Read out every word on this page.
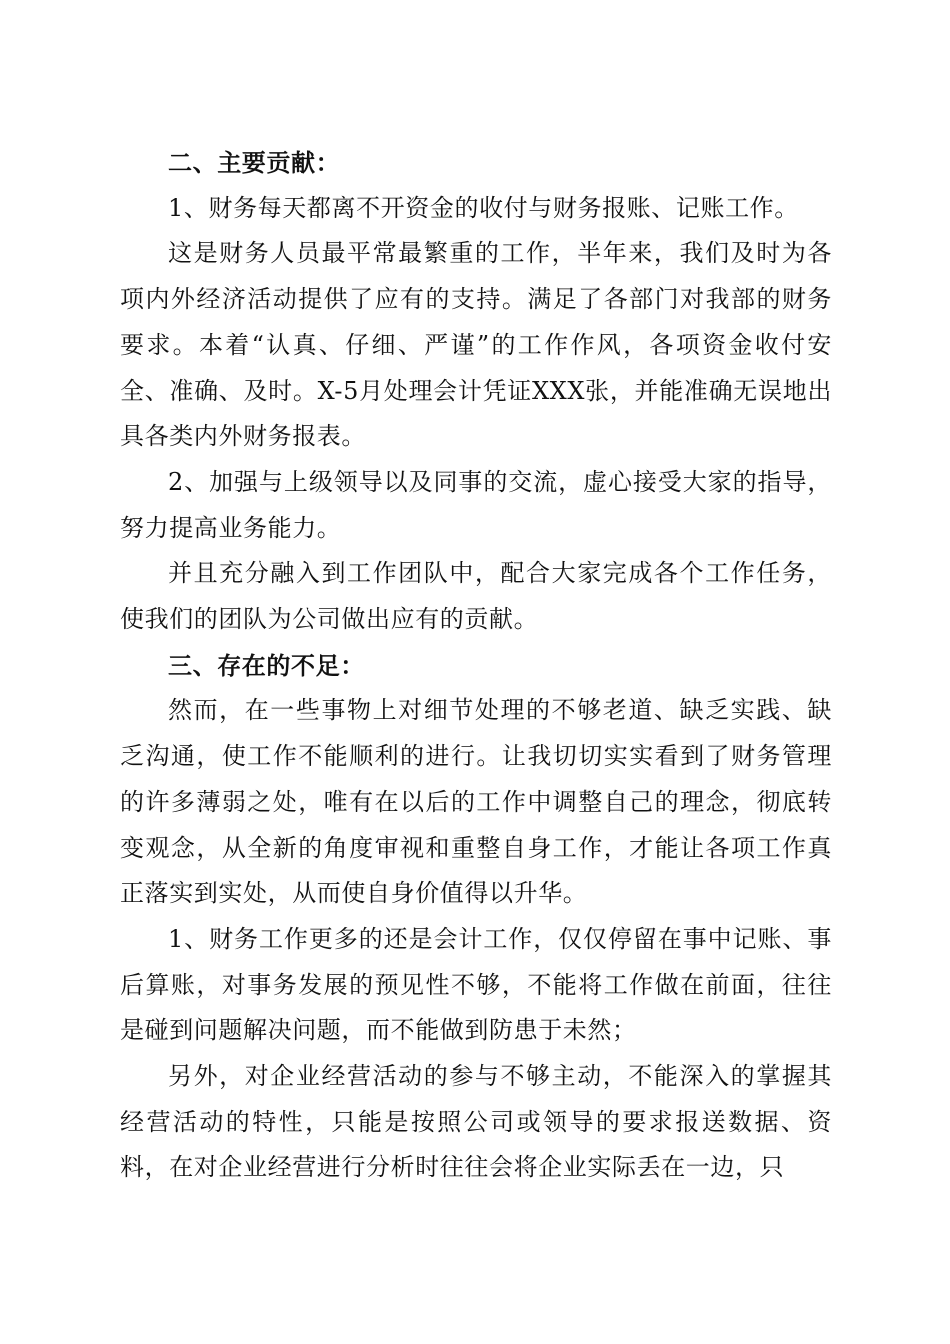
二、主要贡献：

1、财务每天都离不开资金的收付与财务报账、记账工作。

这是财务人员最平常最繁重的工作，半年来，我们及时为各项内外经济活动提供了应有的支持。满足了各部门对我部的财务要求。本着“认真、仔细、严谨”的工作作风，各项资金收付安全、准确、及时。X-5月处理会计凭证XXX张，并能准确无误地出具各类内外财务报表。

2、加强与上级领导以及同事的交流，虚心接受大家的指导，努力提高业务能力。

并且充分融入到工作团队中，配合大家完成各个工作任务，使我们的团队为公司做出应有的贡献。

三、存在的不足：

然而，在一些事物上对细节处理的不够老道、缺乏实践、缺乏沟通，使工作不能顺利的进行。让我切切实实看到了财务管理的许多薄弱之处，唯有在以后的工作中调整自己的理念，彻底转变观念，从全新的角度审视和重整自身工作，才能让各项工作真正落实到实处，从而使自身价值得以升华。

1、财务工作更多的还是会计工作，仅仅停留在事中记账、事后算账，对事务发展的预见性不够，不能将工作做在前面，往往是碰到问题解决问题，而不能做到防患于未然；

另外，对企业经营活动的参与不够主动，不能深入的掌握其经营活动的特性，只能是按照公司或领导的要求报送数据、资料，在对企业经营进行分析时往往会将企业实际丢在一边，只
